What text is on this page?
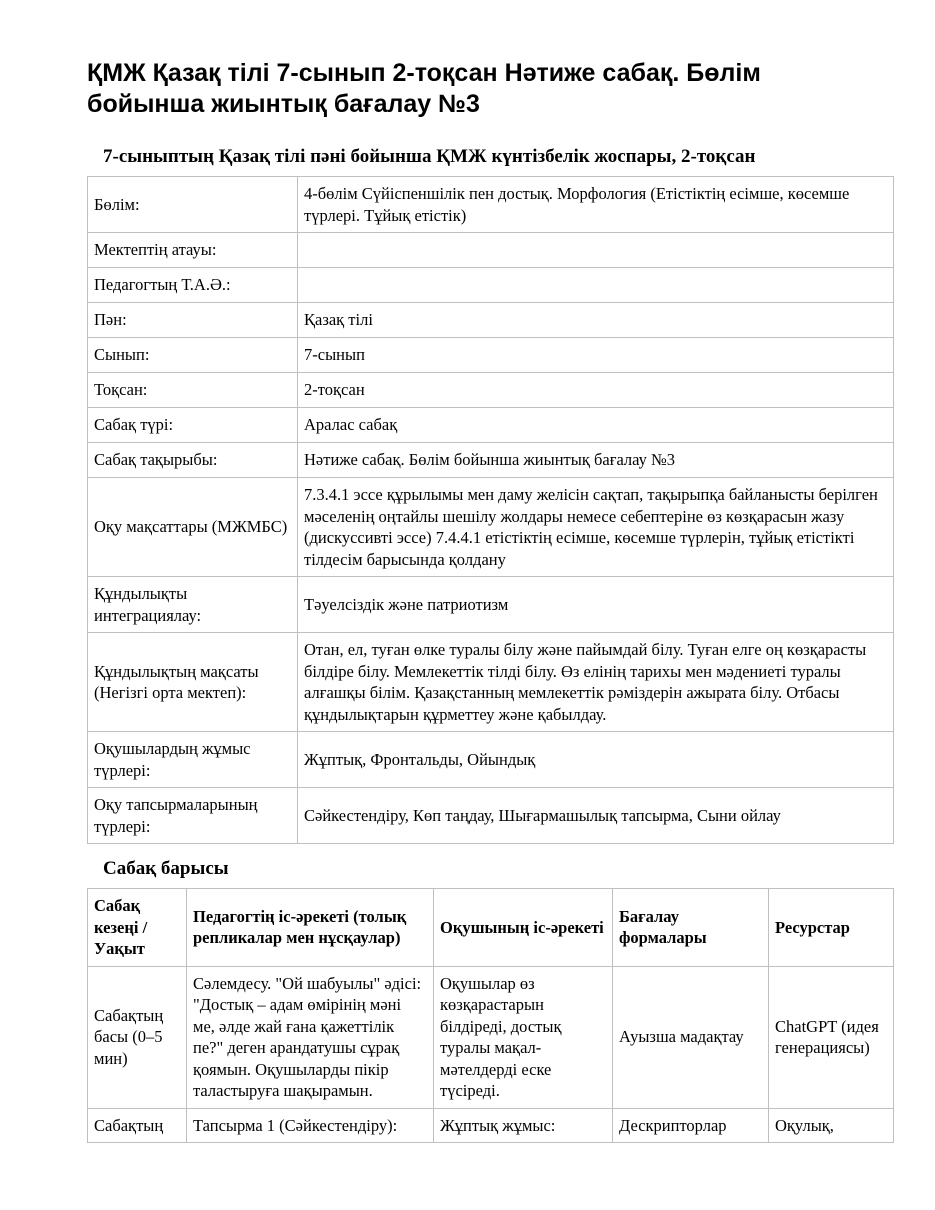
ҚМЖ Қазақ тілі 7-сынып 2-тоқсан Нәтиже сабақ. Бөлім бойынша жиынтық бағалау №3
7-сыныптың Қазақ тілі пәні бойынша ҚМЖ күнтізбелік жоспары, 2-тоқсан
Бөлім:	4-бөлім Сүйіспеншілік пен достық. Морфология (Етістіктің есімше, көсемше түрлері. Тұйық етістік)
Мектептің атауы:	
Педагогтың Т.А.Ә.:	
Пән:	Қазақ тілі
Сынып:	7-сынып
Тоқсан:	2-тоқсан
Сабақ түрі:	Аралас сабақ
Сабақ тақырыбы:	Нәтиже сабақ. Бөлім бойынша жиынтық бағалау №3
Оқу мақсаттары (МЖМБС)	7.3.4.1 эссе құрылымы мен даму желісін сақтап, тақырыпқа байланысты берілген мәселенің оңтайлы шешілу жолдары немесе себептеріне өз көзқарасын жазу (дискуссивті эссе) 7.4.4.1 етістіктің есімше, көсемше түрлерін, тұйық етістікті тілдесім барысында қолдану
Құндылықты интеграциялау:	Тәуелсіздік және патриотизм
Құндылықтың мақсаты (Негізгі орта мектеп):	Отан, ел, туған өлке туралы білу және пайымдай білу. Туған елге оң көзқарасты білдіре білу. Мемлекеттік тілді білу. Өз елінің тарихы мен мәдениеті туралы алғашқы білім. Қазақстанның мемлекеттік рәміздерін ажырата білу. Отбасы құндылықтарын құрметтеу және қабылдау.
Оқушылардың жұмыс түрлері:	Жұптық, Фронтальды, Ойындық
Оқу тапсырмаларының түрлері:	Сәйкестендіру, Көп таңдау, Шығармашылық тапсырма, Сыни ойлау
Сабақ барысы
Сабақ кезеңі / Уақыт	Педагогтің іс-әрекеті (толық репликалар мен нұсқаулар)	Оқушының іс-әрекеті	Бағалау формалары	Ресурстар
Сабақтың басы (0–5 мин)	Сәлемдесу. "Ой шабуылы" әдісі: "Достық – адам өмірінің мәні ме, әлде жай ғана қажеттілік пе?" деген арандатушы сұрақ қоямын. Оқушыларды пікір таластыруға шақырамын.	Оқушылар өз көзқарастарын білдіреді, достық туралы мақал-мәтелдерді еске түсіреді.	Ауызша мадақтау	ChatGPT (идея генерациясы)
Сабақтың	Тапсырма 1 (Сәйкестендіру):	Жұптық жұмыс:	Дескрипторлар	Оқулық,
